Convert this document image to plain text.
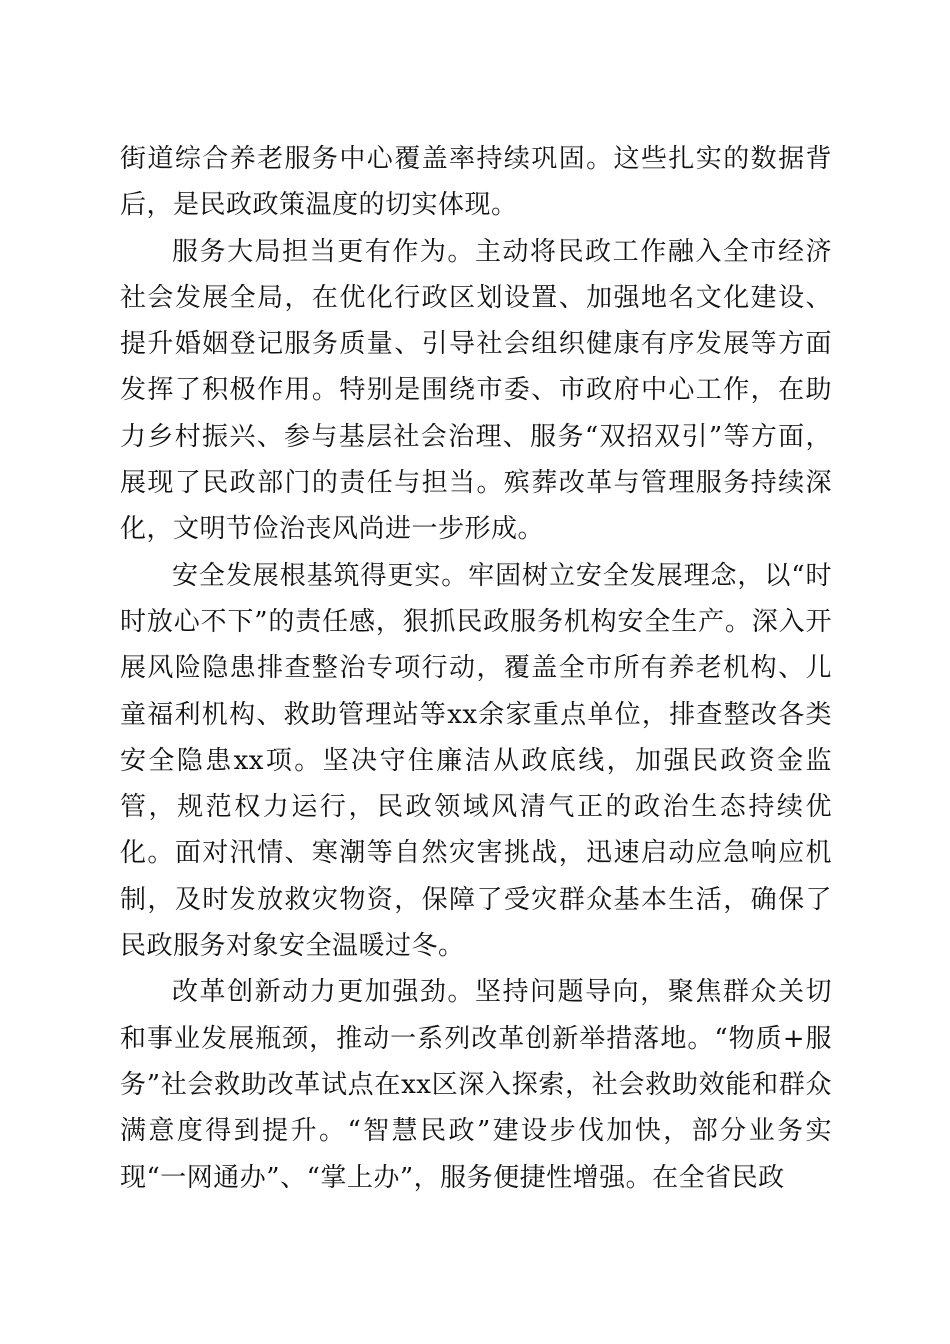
街道综合养老服务中心覆盖率持续巩固。这些扎实的数据背后，是民政政策温度的切实体现。

服务大局担当更有作为。主动将民政工作融入全市经济社会发展全局，在优化行政区划设置、加强地名文化建设、提升婚姻登记服务质量、引导社会组织健康有序发展等方面发挥了积极作用。特别是围绕市委、市政府中心工作，在助力乡村振兴、参与基层社会治理、服务“双招双引”等方面，展现了民政部门的责任与担当。殡葬改革与管理服务持续深化，文明节俭治丧风尚进一步形成。

安全发展根基筑得更实。牢固树立安全发展理念，以“时时放心不下”的责任感，狠抓民政服务机构安全生产。深入开展风险隐患排查整治专项行动，覆盖全市所有养老机构、儿童福利机构、救助管理站等xx余家重点单位，排查整改各类安全隐患xx项。坚决守住廉洁从政底线，加强民政资金监管，规范权力运行，民政领域风清气正的政治生态持续优化。面对汛情、寒潮等自然灾害挑战，迅速启动应急响应机制，及时发放救灾物资，保障了受灾群众基本生活，确保了民政服务对象安全温暖过冬。

改革创新动力更加强劲。坚持问题导向，聚焦群众关切和事业发展瓶颈，推动一系列改革创新举措落地。“物质+服务”社会救助改革试点在xx区深入探索，社会救助效能和群众满意度得到提升。“智慧民政”建设步伐加快，部分业务实现“一网通办”、“掌上办”，服务便捷性增强。在全省民政
